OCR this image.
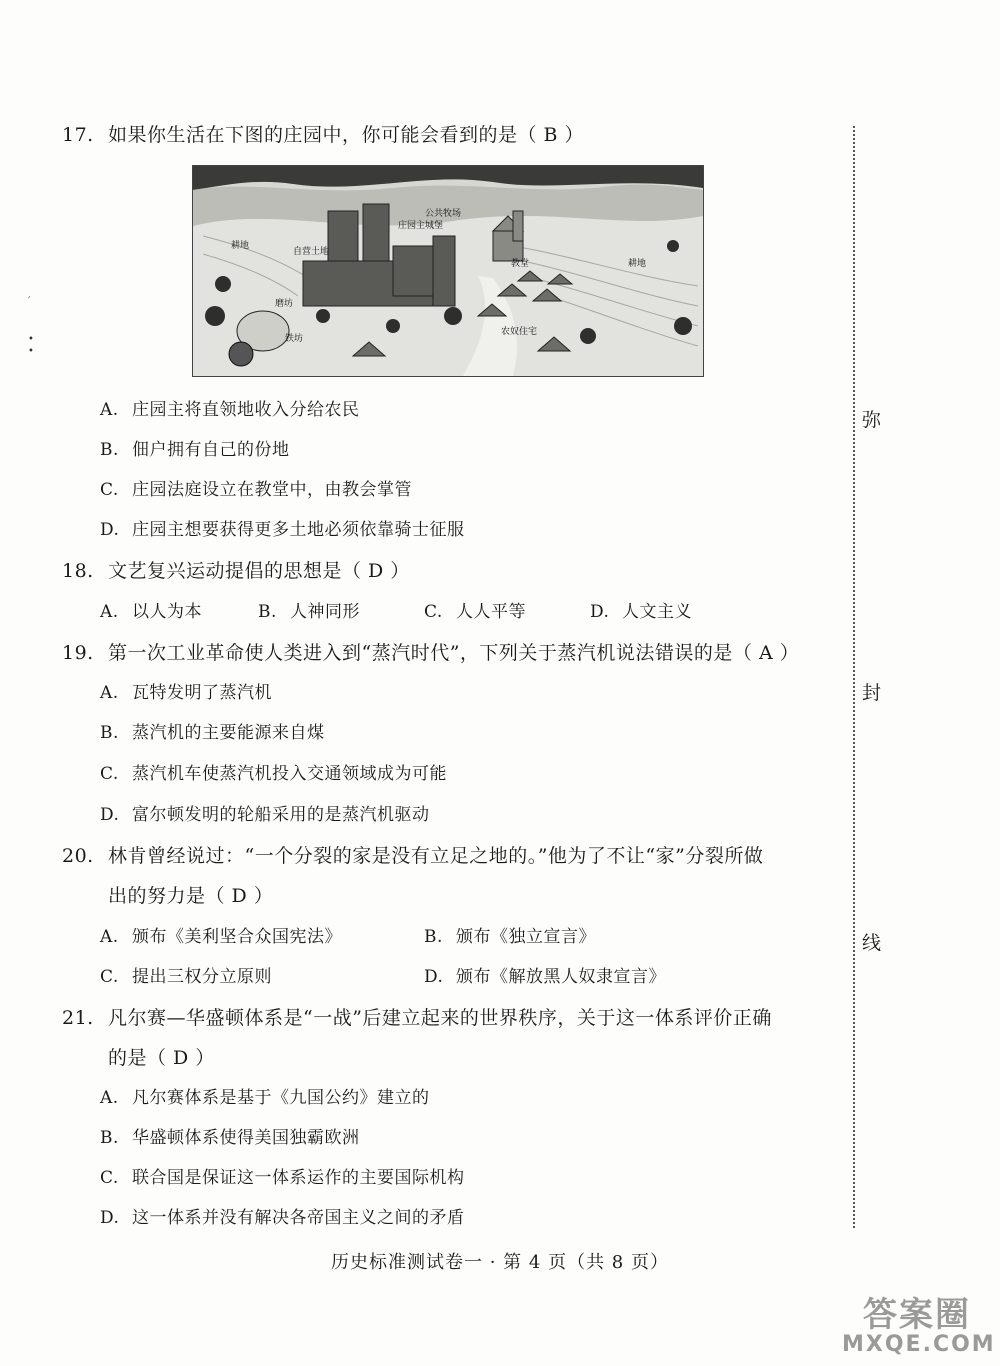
17. 如果你生活在下图的庄园中，你可能会看到的是（ B ）
公共牧场
耕地
自营土地
庄园主城堡
教堂	耕地
磨坊
铁坊
农奴住宅
A. 庄园主将直领地收入分给农民
B. 佃户拥有自己的份地
C. 庄园法庭设立在教堂中，由教会掌管
D. 庄园主想要获得更多土地必须依靠骑士征服
18. 文艺复兴运动提倡的思想是（ D ）
A. 以人为本	B. 人神同形	C. 人人平等	D. 人文主义
19. 第一次工业革命使人类进入到“蒸汽时代”，下列关于蒸汽机说法错误的是（ A ）
A. 瓦特发明了蒸汽机
B. 蒸汽机的主要能源来自煤
C. 蒸汽机车使蒸汽机投入交通领域成为可能
D. 富尔顿发明的轮船采用的是蒸汽机驱动
20. 林肯曾经说过：“一个分裂的家是没有立足之地的。”他为了不让“家”分裂所做
出的努力是（ D ）
A. 颁布《美利坚合众国宪法》	B. 颁布《独立宣言》
C. 提出三权分立原则	D. 颁布《解放黑人奴隶宣言》
21. 凡尔赛—华盛顿体系是“一战”后建立起来的世界秩序，关于这一体系评价正确
的是（ D ）
A. 凡尔赛体系是基于《九国公约》建立的
B. 华盛顿体系使得美国独霸欧洲
C. 联合国是保证这一体系运作的主要国际机构
D. 这一体系并没有解决各帝国主义之间的矛盾
弥
封
线
′
•
•
历史标准测试卷一 · 第 4 页（共 8 页）
答案圈
MXQE.COM
